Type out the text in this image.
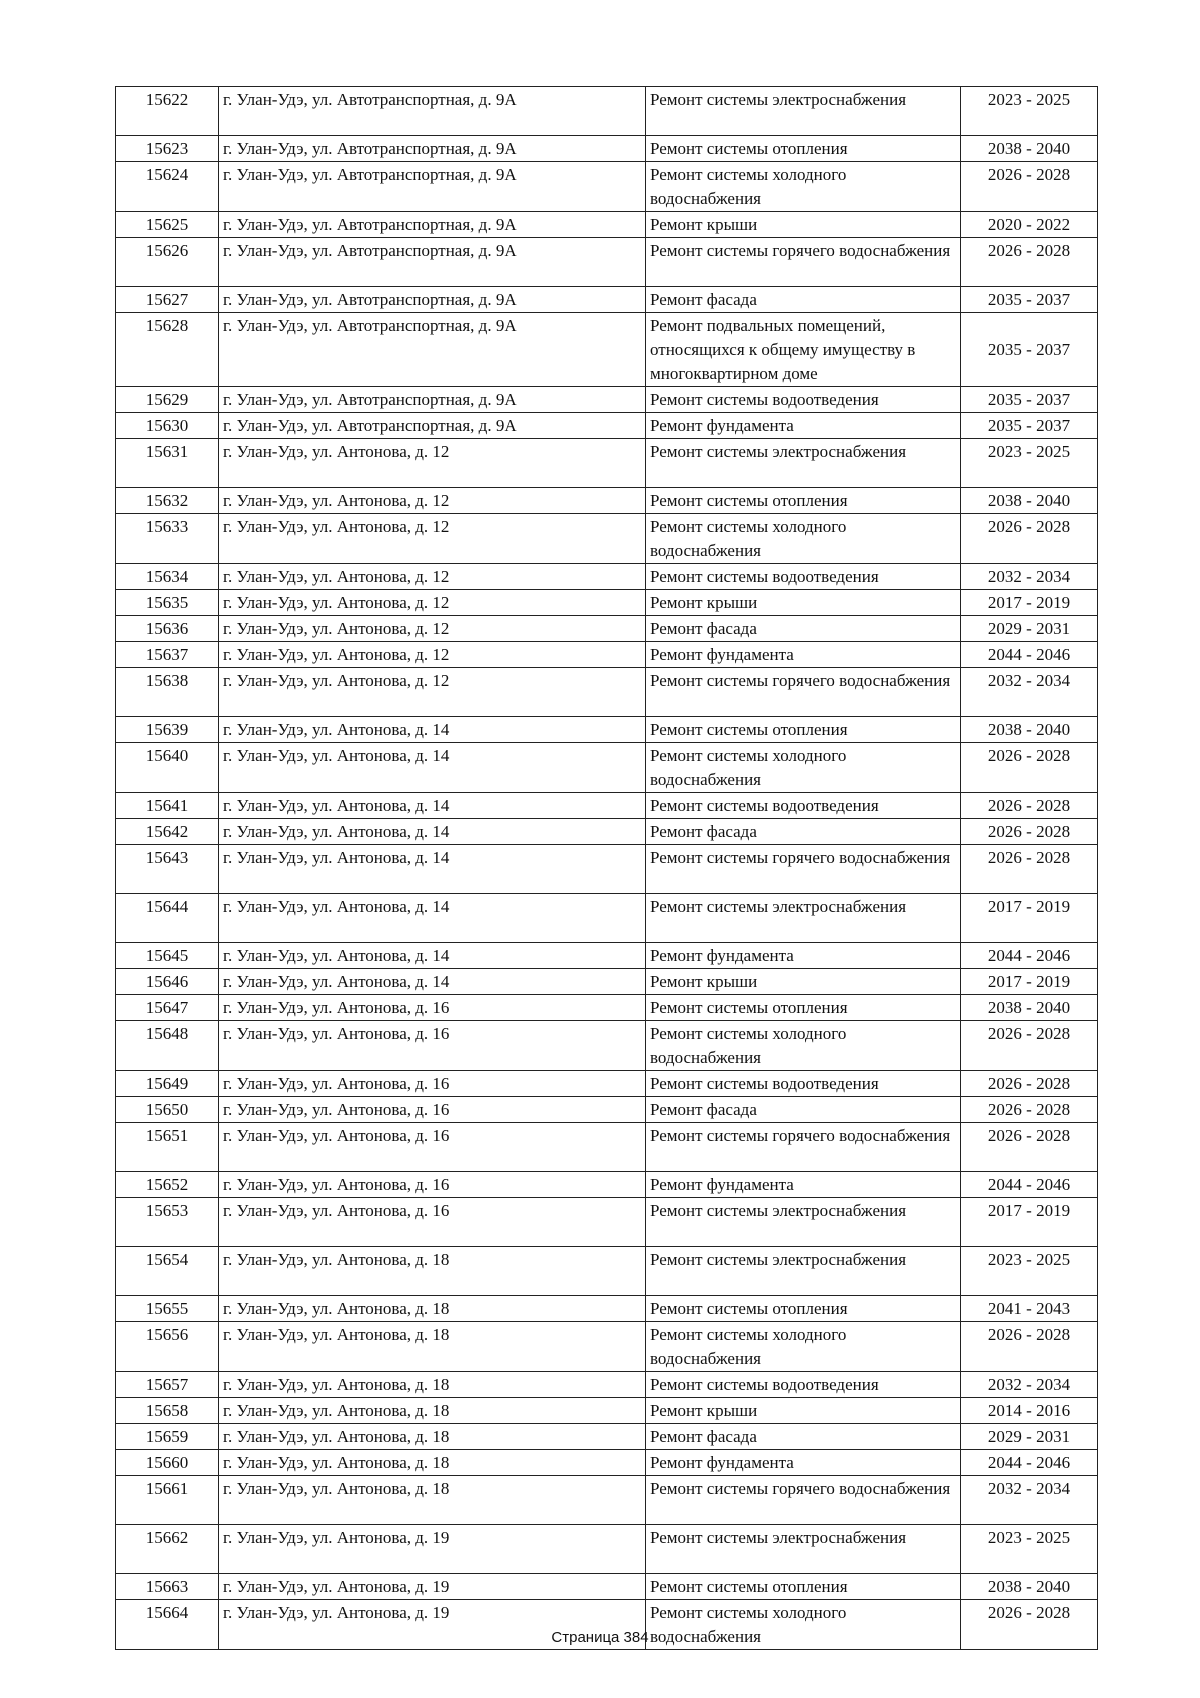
15622	г. Улан-Удэ, ул. Автотранспортная, д. 9А	Ремонт системы электроснабжения	2023 - 2025
15623	г. Улан-Удэ, ул. Автотранспортная, д. 9А	Ремонт системы отопления	2038 - 2040
15624	г. Улан-Удэ, ул. Автотранспортная, д. 9А	Ремонт системы холодного водоснабжения	2026 - 2028
15625	г. Улан-Удэ, ул. Автотранспортная, д. 9А	Ремонт крыши	2020 - 2022
15626	г. Улан-Удэ, ул. Автотранспортная, д. 9А	Ремонт системы горячего водоснабжения	2026 - 2028
15627	г. Улан-Удэ, ул. Автотранспортная, д. 9А	Ремонт фасада	2035 - 2037
15628	г. Улан-Удэ, ул. Автотранспортная, д. 9А	Ремонт подвальных помещений, относящихся к общему имуществу в многоквартирном доме	2035 - 2037
15629	г. Улан-Удэ, ул. Автотранспортная, д. 9А	Ремонт системы водоотведения	2035 - 2037
15630	г. Улан-Удэ, ул. Автотранспортная, д. 9А	Ремонт фундамента	2035 - 2037
15631	г. Улан-Удэ, ул. Антонова, д. 12	Ремонт системы электроснабжения	2023 - 2025
15632	г. Улан-Удэ, ул. Антонова, д. 12	Ремонт системы отопления	2038 - 2040
15633	г. Улан-Удэ, ул. Антонова, д. 12	Ремонт системы холодного водоснабжения	2026 - 2028
15634	г. Улан-Удэ, ул. Антонова, д. 12	Ремонт системы водоотведения	2032 - 2034
15635	г. Улан-Удэ, ул. Антонова, д. 12	Ремонт крыши	2017 - 2019
15636	г. Улан-Удэ, ул. Антонова, д. 12	Ремонт фасада	2029 - 2031
15637	г. Улан-Удэ, ул. Антонова, д. 12	Ремонт фундамента	2044 - 2046
15638	г. Улан-Удэ, ул. Антонова, д. 12	Ремонт системы горячего водоснабжения	2032 - 2034
15639	г. Улан-Удэ, ул. Антонова, д. 14	Ремонт системы отопления	2038 - 2040
15640	г. Улан-Удэ, ул. Антонова, д. 14	Ремонт системы холодного водоснабжения	2026 - 2028
15641	г. Улан-Удэ, ул. Антонова, д. 14	Ремонт системы водоотведения	2026 - 2028
15642	г. Улан-Удэ, ул. Антонова, д. 14	Ремонт фасада	2026 - 2028
15643	г. Улан-Удэ, ул. Антонова, д. 14	Ремонт системы горячего водоснабжения	2026 - 2028
15644	г. Улан-Удэ, ул. Антонова, д. 14	Ремонт системы электроснабжения	2017 - 2019
15645	г. Улан-Удэ, ул. Антонова, д. 14	Ремонт фундамента	2044 - 2046
15646	г. Улан-Удэ, ул. Антонова, д. 14	Ремонт крыши	2017 - 2019
15647	г. Улан-Удэ, ул. Антонова, д. 16	Ремонт системы отопления	2038 - 2040
15648	г. Улан-Удэ, ул. Антонова, д. 16	Ремонт системы холодного водоснабжения	2026 - 2028
15649	г. Улан-Удэ, ул. Антонова, д. 16	Ремонт системы водоотведения	2026 - 2028
15650	г. Улан-Удэ, ул. Антонова, д. 16	Ремонт фасада	2026 - 2028
15651	г. Улан-Удэ, ул. Антонова, д. 16	Ремонт системы горячего водоснабжения	2026 - 2028
15652	г. Улан-Удэ, ул. Антонова, д. 16	Ремонт фундамента	2044 - 2046
15653	г. Улан-Удэ, ул. Антонова, д. 16	Ремонт системы электроснабжения	2017 - 2019
15654	г. Улан-Удэ, ул. Антонова, д. 18	Ремонт системы электроснабжения	2023 - 2025
15655	г. Улан-Удэ, ул. Антонова, д. 18	Ремонт системы отопления	2041 - 2043
15656	г. Улан-Удэ, ул. Антонова, д. 18	Ремонт системы холодного водоснабжения	2026 - 2028
15657	г. Улан-Удэ, ул. Антонова, д. 18	Ремонт системы водоотведения	2032 - 2034
15658	г. Улан-Удэ, ул. Антонова, д. 18	Ремонт крыши	2014 - 2016
15659	г. Улан-Удэ, ул. Антонова, д. 18	Ремонт фасада	2029 - 2031
15660	г. Улан-Удэ, ул. Антонова, д. 18	Ремонт фундамента	2044 - 2046
15661	г. Улан-Удэ, ул. Антонова, д. 18	Ремонт системы горячего водоснабжения	2032 - 2034
15662	г. Улан-Удэ, ул. Антонова, д. 19	Ремонт системы электроснабжения	2023 - 2025
15663	г. Улан-Удэ, ул. Антонова, д. 19	Ремонт системы отопления	2038 - 2040
15664	г. Улан-Удэ, ул. Антонова, д. 19	Ремонт системы холодного водоснабжения	2026 - 2028
Страница 384
